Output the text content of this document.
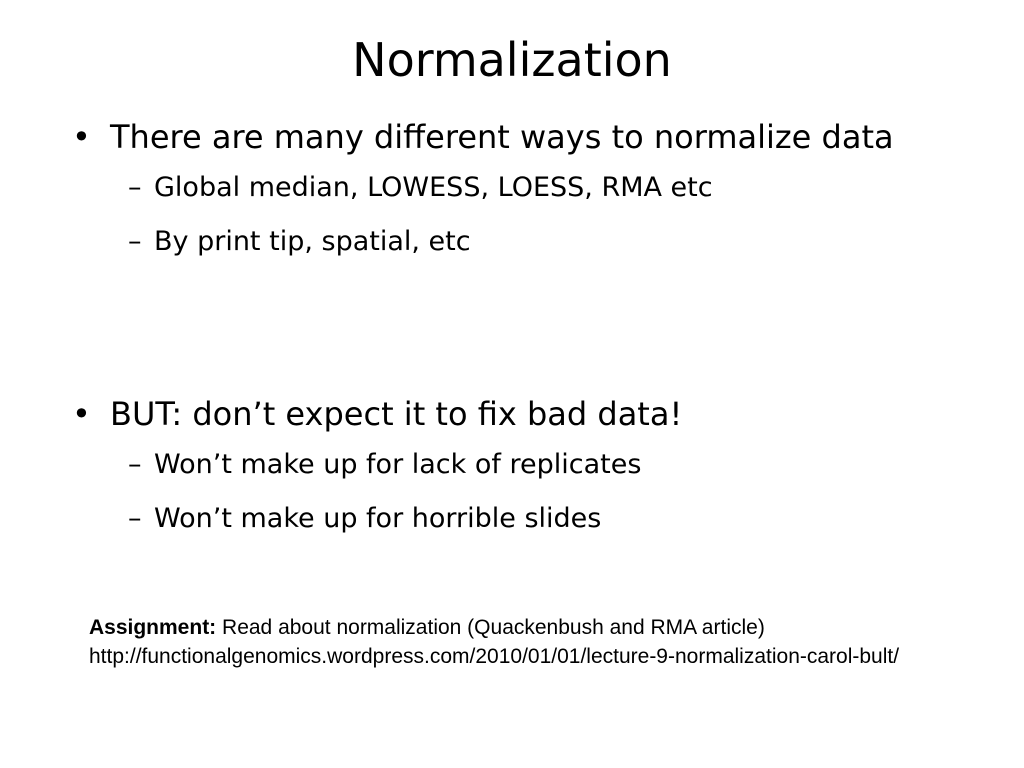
Normalization
• There are many different ways to normalize data
– Global median, LOWESS, LOESS, RMA etc
– By print tip, spatial, etc
• BUT: don’t expect it to fix bad data!
– Won’t make up for lack of replicates
– Won’t make up for horrible slides
Assignment: Read about normalization (Quackenbush and RMA article)
http://functionalgenomics.wordpress.com/2010/01/01/lecture-9-normalization-carol-bult/
